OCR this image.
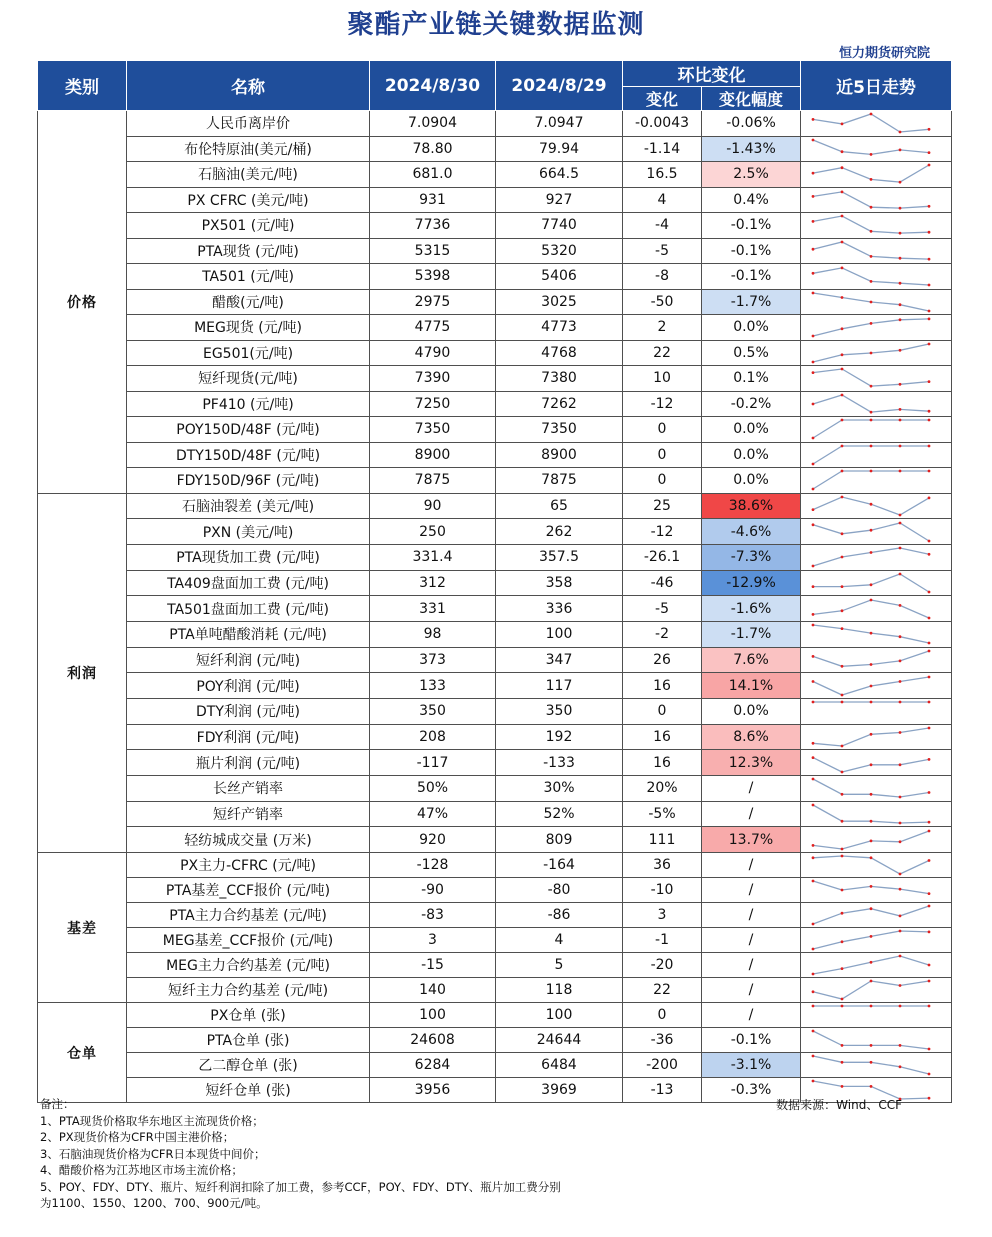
聚酯产业链关键数据监测
恒力期货研究院
类别	名称	2024/8/30	2024/8/29	环比变化		近5日走势
				变化	变化幅度	
价格	人民币离岸价	7.0904	7.0947	-0.0043	-0.06%	

	布伦特原油(美元/桶)	78.80	79.94	-1.14	-1.43%	

	石脑油(美元/吨)	681.0	664.5	16.5	2.5%	

	PX CFRC (美元/吨)	931	927	4	0.4%	

	PX501 (元/吨)	7736	7740	-4	-0.1%	

	PTA现货 (元/吨)	5315	5320	-5	-0.1%	

	TA501 (元/吨)	5398	5406	-8	-0.1%	

	醋酸(元/吨)	2975	3025	-50	-1.7%	

	MEG现货 (元/吨)	4775	4773	2	0.0%	

	EG501(元/吨)	4790	4768	22	0.5%	

	短纤现货(元/吨)	7390	7380	10	0.1%	

	PF410 (元/吨)	7250	7262	-12	-0.2%	

	POY150D/48F (元/吨)	7350	7350	0	0.0%	

	DTY150D/48F (元/吨)	8900	8900	0	0.0%	

	FDY150D/96F (元/吨)	7875	7875	0	0.0%	

利润	石脑油裂差 (美元/吨)	90	65	25	38.6%	

	PXN (美元/吨)	250	262	-12	-4.6%	

	PTA现货加工费 (元/吨)	331.4	357.5	-26.1	-7.3%	

	TA409盘面加工费 (元/吨)	312	358	-46	-12.9%	

	TA501盘面加工费 (元/吨)	331	336	-5	-1.6%	

	PTA单吨醋酸消耗 (元/吨)	98	100	-2	-1.7%	

	短纤利润 (元/吨)	373	347	26	7.6%	

	POY利润 (元/吨)	133	117	16	14.1%	

	DTY利润 (元/吨)	350	350	0	0.0%	

	FDY利润 (元/吨)	208	192	16	8.6%	

	瓶片利润 (元/吨)	-117	-133	16	12.3%	

	长丝产销率	50%	30%	20%	/	

	短纤产销率	47%	52%	-5%	/	

	轻纺城成交量 (万米)	920	809	111	13.7%	

基差	PX主力-CFRC (元/吨)	-128	-164	36	/	

	PTA基差_CCF报价 (元/吨)	-90	-80	-10	/	

	PTA主力合约基差 (元/吨)	-83	-86	3	/	

	MEG基差_CCF报价 (元/吨)	3	4	-1	/	

	MEG主力合约基差 (元/吨)	-15	5	-20	/	

	短纤主力合约基差 (元/吨)	140	118	22	/	

仓单	PX仓单 (张)	100	100	0	/	

	PTA仓单 (张)	24608	24644	-36	-0.1%	

	乙二醇仓单 (张)	6284	6484	-200	-3.1%	

	短纤仓单 (张)	3956	3969	-13	-0.3%	
备注：
1、PTA现货价格取华东地区主流现货价格；
2、PX现货价格为CFR中国主港价格；
3、石脑油现货价格为CFR日本现货中间价；
4、醋酸价格为江苏地区市场主流价格；
5、POY、FDY、DTY、瓶片、短纤利润扣除了加工费，参考CCF，POY、FDY、DTY、瓶片加工费分别
为1100、1550、1200、700、900元/吨。
数据来源：Wind、CCF
